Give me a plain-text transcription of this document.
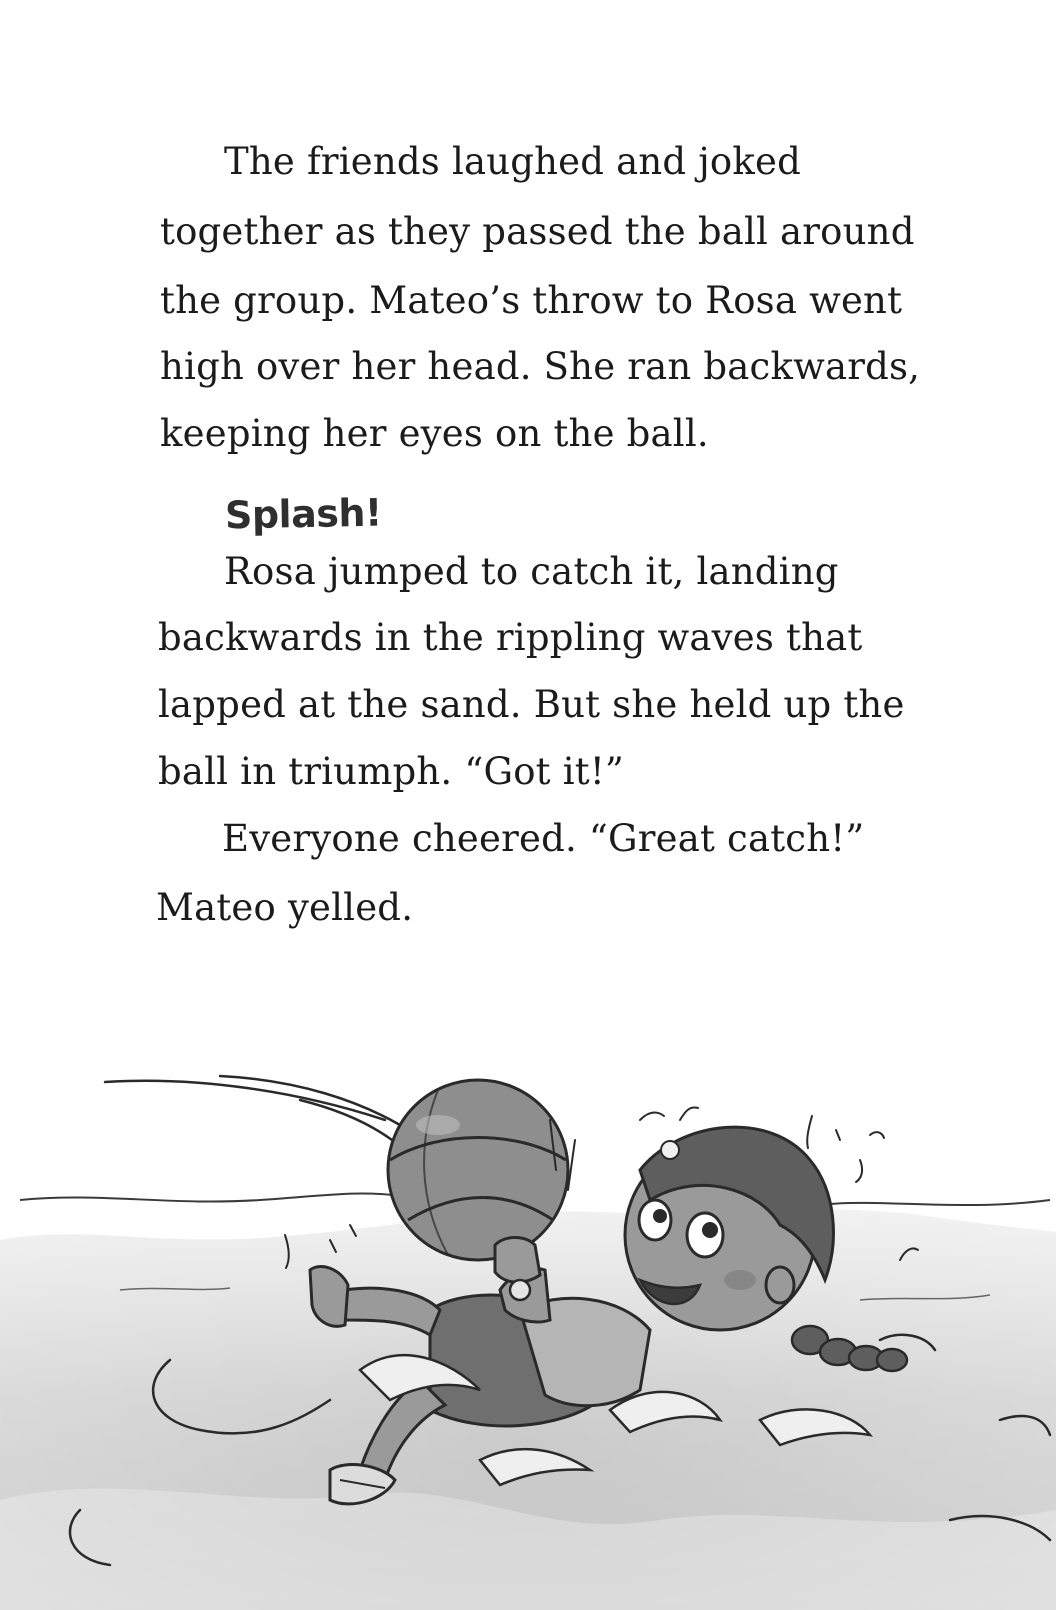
The friends laughed and joked
together as they passed the ball around
the group. Mateo’s throw to Rosa went
high over her head. She ran backwards,
keeping her eyes on the ball.
Splash!
Rosa jumped to catch it, landing
backwards in the rippling waves that
lapped at the sand. But she held up the
ball in triumph. “Got it!”
Everyone cheered. “Great catch!”
Mateo yelled.
